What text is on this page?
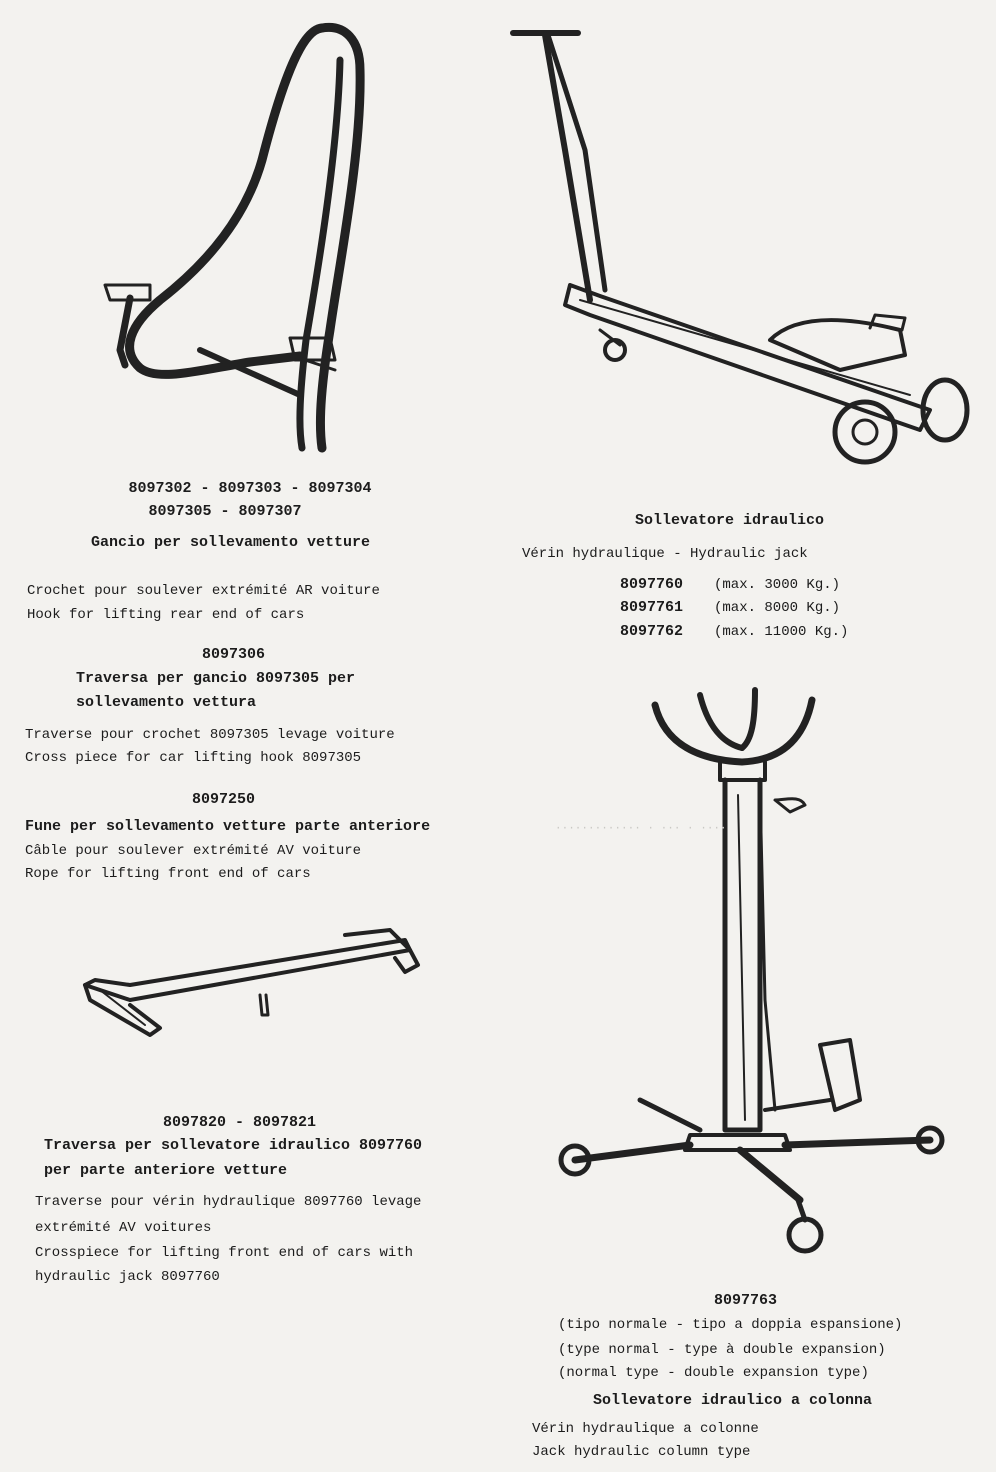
············· · ··· · ····
8097302 - 8097303 - 8097304
8097305 - 8097307
Gancio per sollevamento vetture
Crochet pour soulever extrémité AR voiture
Hook for lifting rear end of cars
8097306
Traversa per gancio 8097305 per
sollevamento vettura
Traverse pour crochet 8097305 levage voiture
Cross piece for car lifting hook 8097305
8097250
Fune per sollevamento vetture parte anteriore
Câble pour soulever extrémité AV voiture
Rope for lifting front end of cars
8097820 - 8097821
Traversa per sollevatore idraulico 8097760
per parte anteriore vetture
Traverse pour vérin hydraulique 8097760 levage
extrémité AV voitures
Crosspiece for lifting front end of cars with
hydraulic jack 8097760
Sollevatore idraulico
Vérin hydraulique - Hydraulic jack
8097760 (max. 3000 Kg.)
8097761 (max. 8000 Kg.)
8097762 (max. 11000 Kg.)
8097763
(tipo normale - tipo a doppia espansione)
(type normal - type à double expansion)
(normal type - double expansion type)
Sollevatore idraulico a colonna
Vérin hydraulique a colonne
Jack hydraulic column type
